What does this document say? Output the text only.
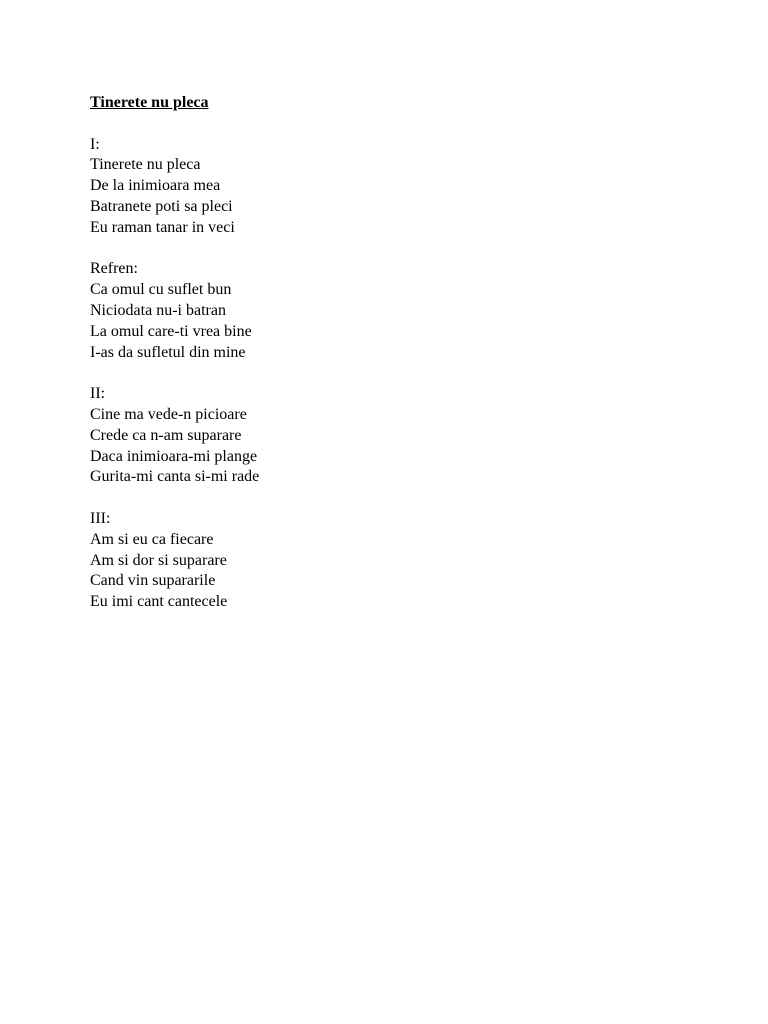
Tinerete nu pleca
I:
Tinerete nu pleca
De la inimioara mea
Batranete poti sa pleci
Eu raman tanar in veci
Refren:
Ca omul cu suflet bun
Niciodata nu-i batran
La omul care-ti vrea bine
I-as da sufletul din mine
II:
Cine ma vede-n picioare
Crede ca n-am suparare
Daca inimioara-mi plange
Gurita-mi canta si-mi rade
III:
Am si eu ca fiecare
Am si dor si suparare
Cand vin supararile
Eu imi cant cantecele
